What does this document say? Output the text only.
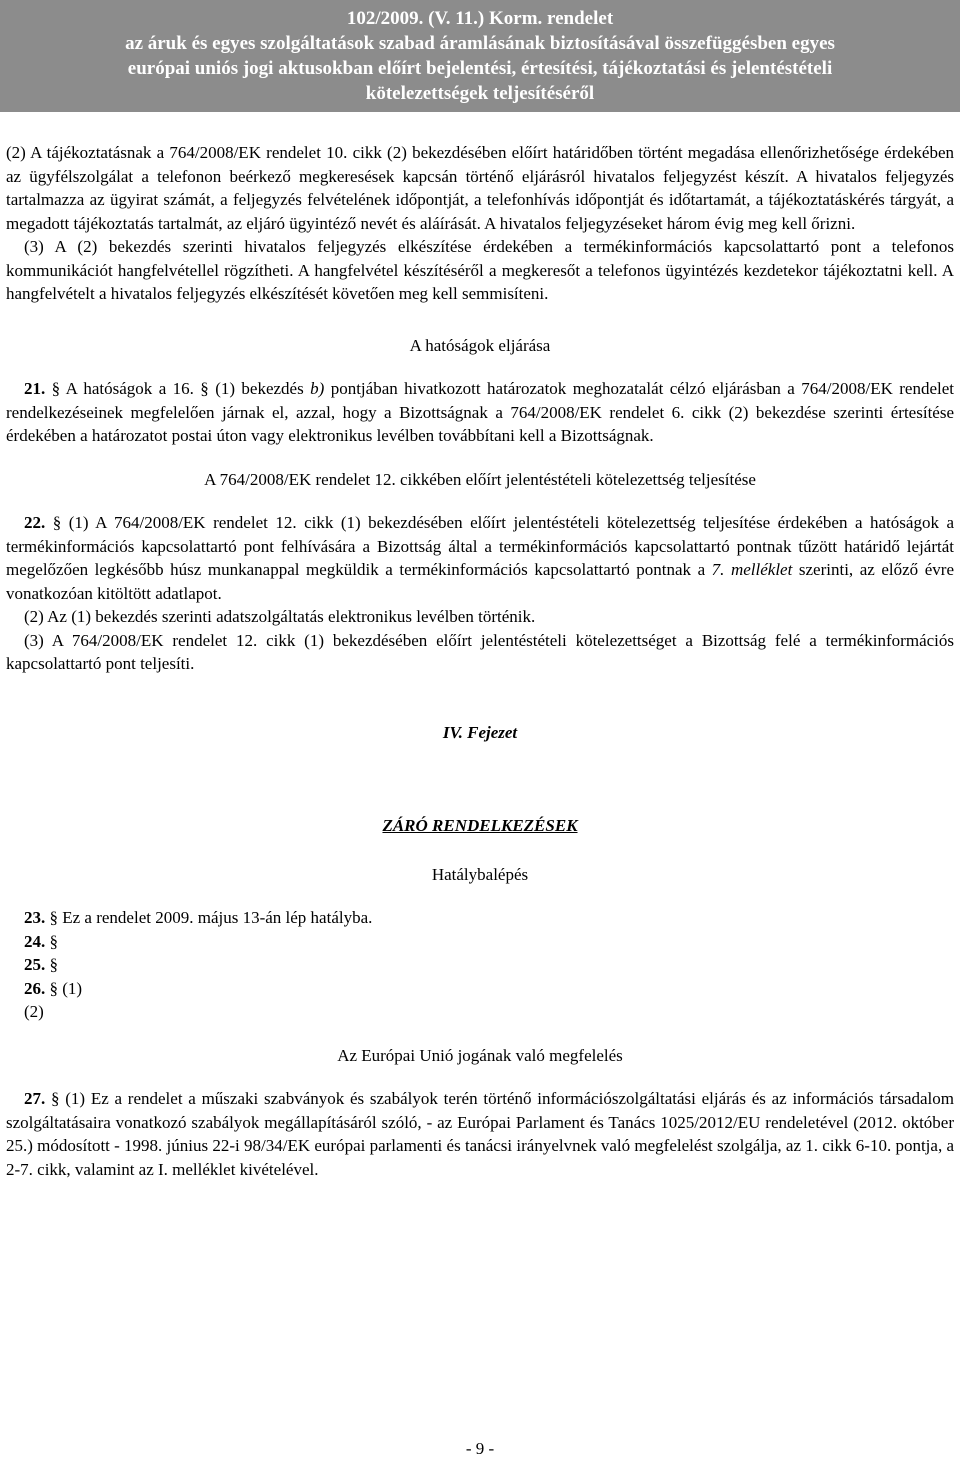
102/2009. (V. 11.) Korm. rendelet
az áruk és egyes szolgáltatások szabad áramlásának biztosításával összefüggésben egyes
európai uniós jogi aktusokban előírt bejelentési, értesítési, tájékoztatási és jelentéstételi
kötelezettségek teljesítéséről

(2) A tájékoztatásnak a 764/2008/EK rendelet 10. cikk (2) bekezdésében előírt határidőben történt megadása ellenőrizhetősége érdekében az ügyfélszolgálat a telefonon beérkező megkeresések kapcsán történő eljárásról hivatalos feljegyzést készít. A hivatalos feljegyzés tartalmazza az ügyirat számát, a feljegyzés felvételének időpontját, a telefonhívás időpontját és időtartamát, a tájékoztatáskérés tárgyát, a megadott tájékoztatás tartalmát, az eljáró ügyintéző nevét és aláírását. A hivatalos feljegyzéseket három évig meg kell őrizni.

(3) A (2) bekezdés szerinti hivatalos feljegyzés elkészítése érdekében a termékinformációs kapcsolattartó pont a telefonos kommunikációt hangfelvétellel rögzítheti. A hangfelvétel készítéséről a megkeresőt a telefonos ügyintézés kezdetekor tájékoztatni kell. A hangfelvételt a hivatalos feljegyzés elkészítését követően meg kell semmisíteni.

A hatóságok eljárása

21. § A hatóságok a 16. § (1) bekezdés b) pontjában hivatkozott határozatok meghozatalát célzó eljárásban a 764/2008/EK rendelet rendelkezéseinek megfelelően járnak el, azzal, hogy a Bizottságnak a 764/2008/EK rendelet 6. cikk (2) bekezdése szerinti értesítése érdekében a határozatot postai úton vagy elektronikus levélben továbbítani kell a Bizottságnak.

A 764/2008/EK rendelet 12. cikkében előírt jelentéstételi kötelezettség teljesítése

22. § (1) A 764/2008/EK rendelet 12. cikk (1) bekezdésében előírt jelentéstételi kötelezettség teljesítése érdekében a hatóságok a termékinformációs kapcsolattartó pont felhívására a Bizottság által a termékinformációs kapcsolattartó pontnak tűzött határidő lejártát megelőzően legkésőbb húsz munkanappal megküldik a termékinformációs kapcsolattartó pontnak a 7. melléklet szerinti, az előző évre vonatkozóan kitöltött adatlapot.

(2) Az (1) bekezdés szerinti adatszolgáltatás elektronikus levélben történik.

(3) A 764/2008/EK rendelet 12. cikk (1) bekezdésében előírt jelentéstételi kötelezettséget a Bizottság felé a termékinformációs kapcsolattartó pont teljesíti.

IV. Fejezet

ZÁRÓ RENDELKEZÉSEK

Hatálybalépés

23. § Ez a rendelet 2009. május 13-án lép hatályba.
24. §
25. §
26. § (1)
(2)

Az Európai Unió jogának való megfelelés

27. § (1) Ez a rendelet a műszaki szabványok és szabályok terén történő információszolgáltatási eljárás és az információs társadalom szolgáltatásaira vonatkozó szabályok megállapításáról szóló, - az Európai Parlament és Tanács 1025/2012/EU rendeletével (2012. október 25.) módosított - 1998. június 22-i 98/34/EK európai parlamenti és tanácsi irányelvnek való megfelelést szolgálja, az 1. cikk 6-10. pontja, a 2-7. cikk, valamint az I. melléklet kivételével.

- 9 -
